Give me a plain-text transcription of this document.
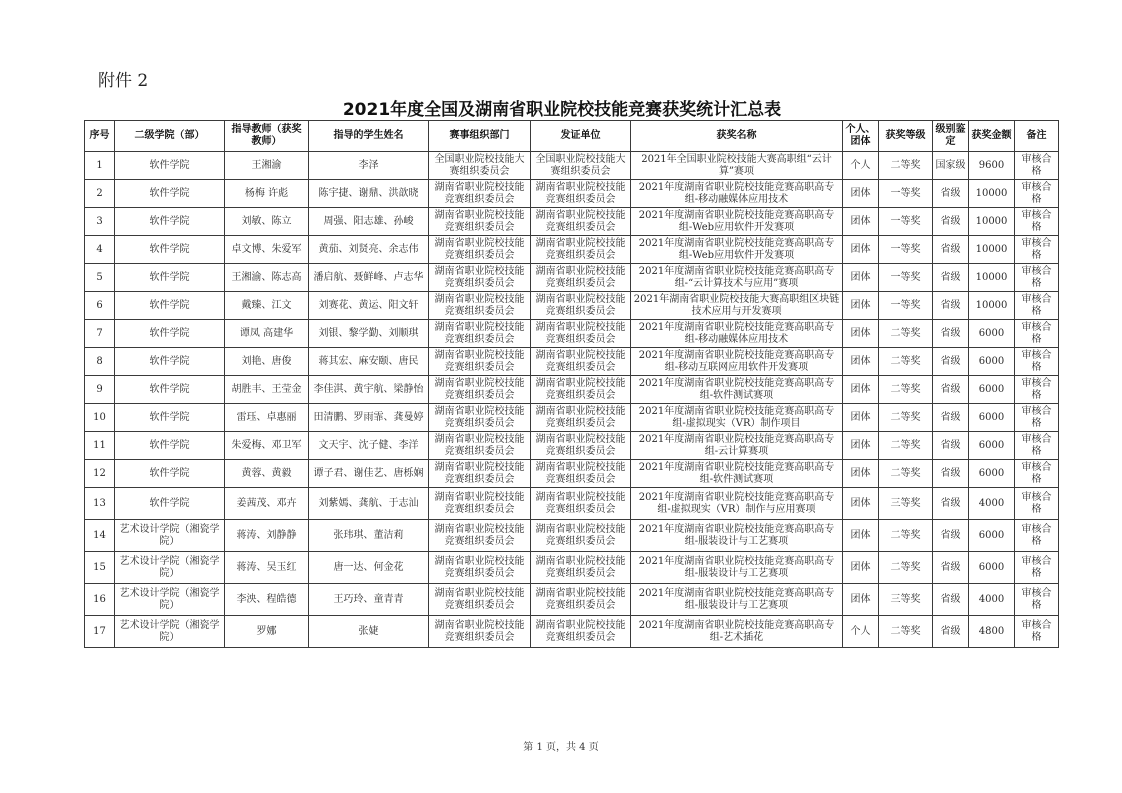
附件 2
2021年度全国及湖南省职业院校技能竞赛获奖统计汇总表
序号	二级学院（部）	指导教师（获奖教师）	指导的学生姓名	赛事组织部门	发证单位	获奖名称	个人、团体	获奖等级	级别鉴定	获奖金额	备注
1	软件学院	王湘渝	李泽	全国职业院校技能大赛组织委员会	全国职业院校技能大赛组织委员会	2021年全国职业院校技能大赛高职组“云计算”赛项	个人	二等奖	国家级	9600	审核合格
2	软件学院	杨梅 许彪	陈宇捷、谢鼎、洪歆晓	湖南省职业院校技能竞赛组织委员会	湖南省职业院校技能竞赛组织委员会	2021年度湖南省职业院校技能竞赛高职高专组-移动融媒体应用技术	团体	一等奖	省级	10000	审核合格
3	软件学院	刘敏、陈立	周强、阳志雄、孙峻	湖南省职业院校技能竞赛组织委员会	湖南省职业院校技能竞赛组织委员会	2021年度湖南省职业院校技能竞赛高职高专组-Web应用软件开发赛项	团体	一等奖	省级	10000	审核合格
4	软件学院	卓文博、朱爱军	黄茄、刘贤亮、余志伟	湖南省职业院校技能竞赛组织委员会	湖南省职业院校技能竞赛组织委员会	2021年度湖南省职业院校技能竞赛高职高专组-Web应用软件开发赛项	团体	一等奖	省级	10000	审核合格
5	软件学院	王湘渝、陈志高	潘启航、聂鲜峰、卢志华	湖南省职业院校技能竞赛组织委员会	湖南省职业院校技能竞赛组织委员会	2021年度湖南省职业院校技能竞赛高职高专组-“云计算技术与应用”赛项	团体	一等奖	省级	10000	审核合格
6	软件学院	戴臻、江文	刘赛花、黄运、阳文轩	湖南省职业院校技能竞赛组织委员会	湖南省职业院校技能竞赛组织委员会	2021年湖南省职业院校技能大赛高职组区块链技术应用与开发赛项	团体	一等奖	省级	10000	审核合格
7	软件学院	谭凤 高建华	刘银、黎学勤、刘顺琪	湖南省职业院校技能竞赛组织委员会	湖南省职业院校技能竞赛组织委员会	2021年度湖南省职业院校技能竞赛高职高专组-移动融媒体应用技术	团体	二等奖	省级	6000	审核合格
8	软件学院	刘艳、唐俊	蒋其宏、麻安颐、唐民	湖南省职业院校技能竞赛组织委员会	湖南省职业院校技能竞赛组织委员会	2021年度湖南省职业院校技能竞赛高职高专组-移动互联网应用软件开发赛项	团体	二等奖	省级	6000	审核合格
9	软件学院	胡胜丰、王莹金	李佳淇、黄宇航、梁静怡	湖南省职业院校技能竞赛组织委员会	湖南省职业院校技能竞赛组织委员会	2021年度湖南省职业院校技能竞赛高职高专组-软件测试赛项	团体	二等奖	省级	6000	审核合格
10	软件学院	雷珏、卓惠丽	田清鹏、罗雨霏、龚曼婷	湖南省职业院校技能竞赛组织委员会	湖南省职业院校技能竞赛组织委员会	2021年度湖南省职业院校技能竞赛高职高专组-虚拟现实（VR）制作项目	团体	二等奖	省级	6000	审核合格
11	软件学院	朱爱梅、邓卫军	文天宇、沈子健、李洋	湖南省职业院校技能竞赛组织委员会	湖南省职业院校技能竞赛组织委员会	2021年度湖南省职业院校技能竞赛高职高专组-云计算赛项	团体	二等奖	省级	6000	审核合格
12	软件学院	黄蓉、黄毅	谭子君、谢佳艺、唐栎娴	湖南省职业院校技能竞赛组织委员会	湖南省职业院校技能竞赛组织委员会	2021年度湖南省职业院校技能竞赛高职高专组-软件测试赛项	团体	二等奖	省级	6000	审核合格
13	软件学院	姜茜茂、邓卉	刘紫嫣、龚航、于志汕	湖南省职业院校技能竞赛组织委员会	湖南省职业院校技能竞赛组织委员会	2021年度湖南省职业院校技能竞赛高职高专组-虚拟现实（VR）制作与应用赛项	团体	三等奖	省级	4000	审核合格
14	艺术设计学院（湘瓷学院）	蒋涛、刘静静	张玮琪、董洁莉	湖南省职业院校技能竞赛组织委员会	湖南省职业院校技能竞赛组织委员会	2021年度湖南省职业院校技能竞赛高职高专组-服装设计与工艺赛项	团体	二等奖	省级	6000	审核合格
15	艺术设计学院（湘瓷学院）	蒋涛、吴玉红	唐一达、何金花	湖南省职业院校技能竞赛组织委员会	湖南省职业院校技能竞赛组织委员会	2021年度湖南省职业院校技能竞赛高职高专组-服装设计与工艺赛项	团体	二等奖	省级	6000	审核合格
16	艺术设计学院（湘瓷学院）	李泱、程皓德	王巧玲、童青青	湖南省职业院校技能竞赛组织委员会	湖南省职业院校技能竞赛组织委员会	2021年度湖南省职业院校技能竞赛高职高专组-服装设计与工艺赛项	团体	三等奖	省级	4000	审核合格
17	艺术设计学院（湘瓷学院）	罗娜	张婕	湖南省职业院校技能竞赛组织委员会	湖南省职业院校技能竞赛组织委员会	2021年度湖南省职业院校技能竞赛高职高专组-艺术插花	个人	二等奖	省级	4800	审核合格
第 1 页，共 4 页
